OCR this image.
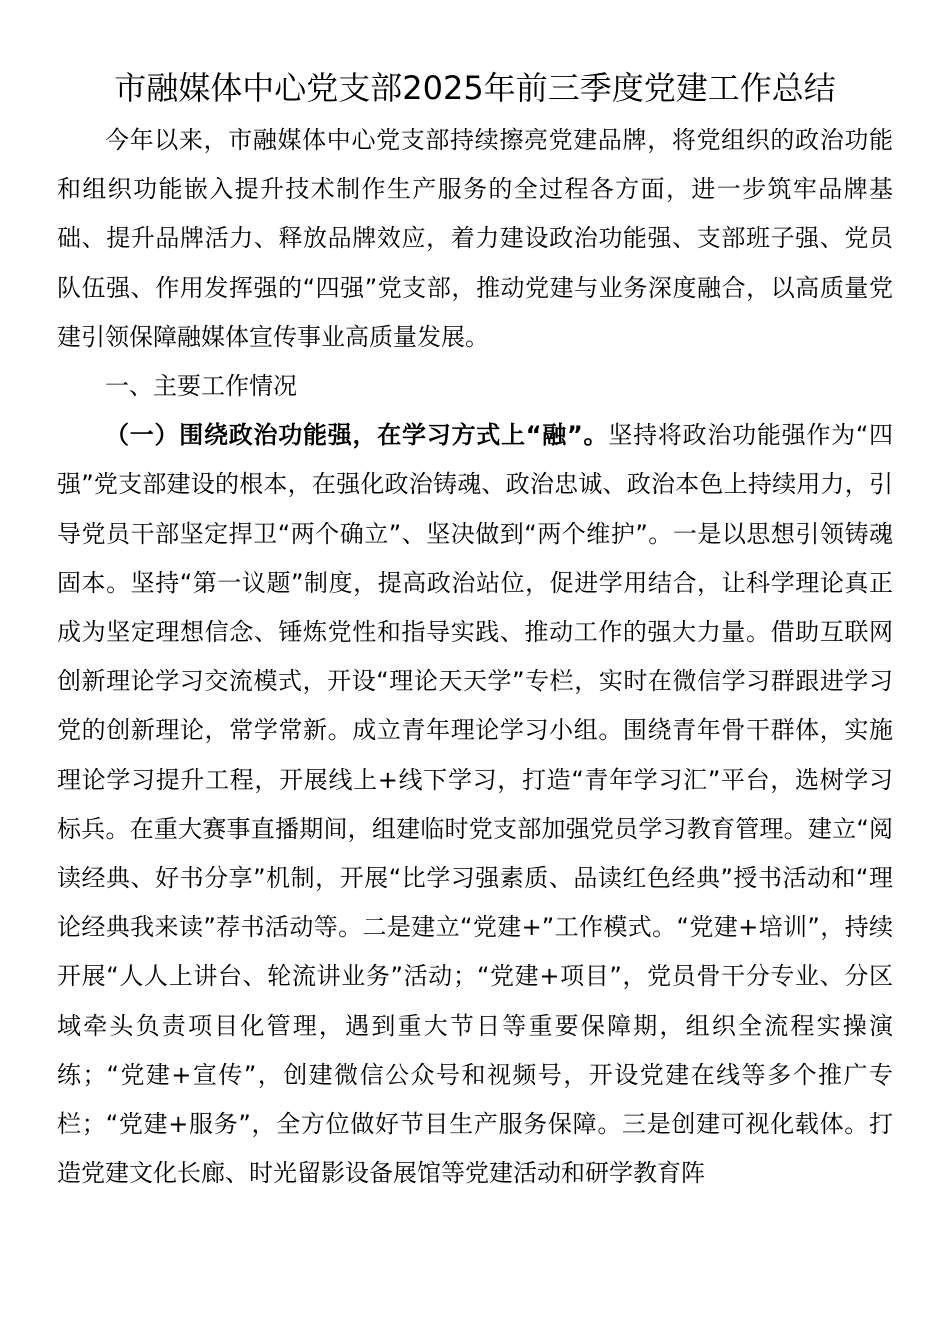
市融媒体中心党支部2025年前三季度党建工作总结

今年以来，市融媒体中心党支部持续擦亮党建品牌，将党组织的政治功能和组织功能嵌入提升技术制作生产服务的全过程各方面，进一步筑牢品牌基础、提升品牌活力、释放品牌效应，着力建设政治功能强、支部班子强、党员队伍强、作用发挥强的“四强”党支部，推动党建与业务深度融合，以高质量党建引领保障融媒体宣传事业高质量发展。

一、主要工作情况

（一）围绕政治功能强，在学习方式上“融”。坚持将政治功能强作为“四强”党支部建设的根本，在强化政治铸魂、政治忠诚、政治本色上持续用力，引导党员干部坚定捍卫“两个确立”、坚决做到“两个维护”。一是以思想引领铸魂固本。坚持“第一议题”制度，提高政治站位，促进学用结合，让科学理论真正成为坚定理想信念、锤炼党性和指导实践、推动工作的强大力量。借助互联网创新理论学习交流模式，开设“理论天天学”专栏，实时在微信学习群跟进学习党的创新理论，常学常新。成立青年理论学习小组。围绕青年骨干群体，实施理论学习提升工程，开展线上+线下学习，打造“青年学习汇”平台，选树学习标兵。在重大赛事直播期间，组建临时党支部加强党员学习教育管理。建立“阅读经典、好书分享”机制，开展“比学习强素质、品读红色经典”授书活动和“理论经典我来读”荐书活动等。二是建立“党建+”工作模式。“党建+培训”，持续开展“人人上讲台、轮流讲业务”活动；“党建+项目”，党员骨干分专业、分区域牵头负责项目化管理，遇到重大节日等重要保障期，组织全流程实操演练；“党建+宣传”，创建微信公众号和视频号，开设党建在线等多个推广专栏；“党建+服务”，全方位做好节目生产服务保障。三是创建可视化载体。打造党建文化长廊、时光留影设备展馆等党建活动和研学教育阵
